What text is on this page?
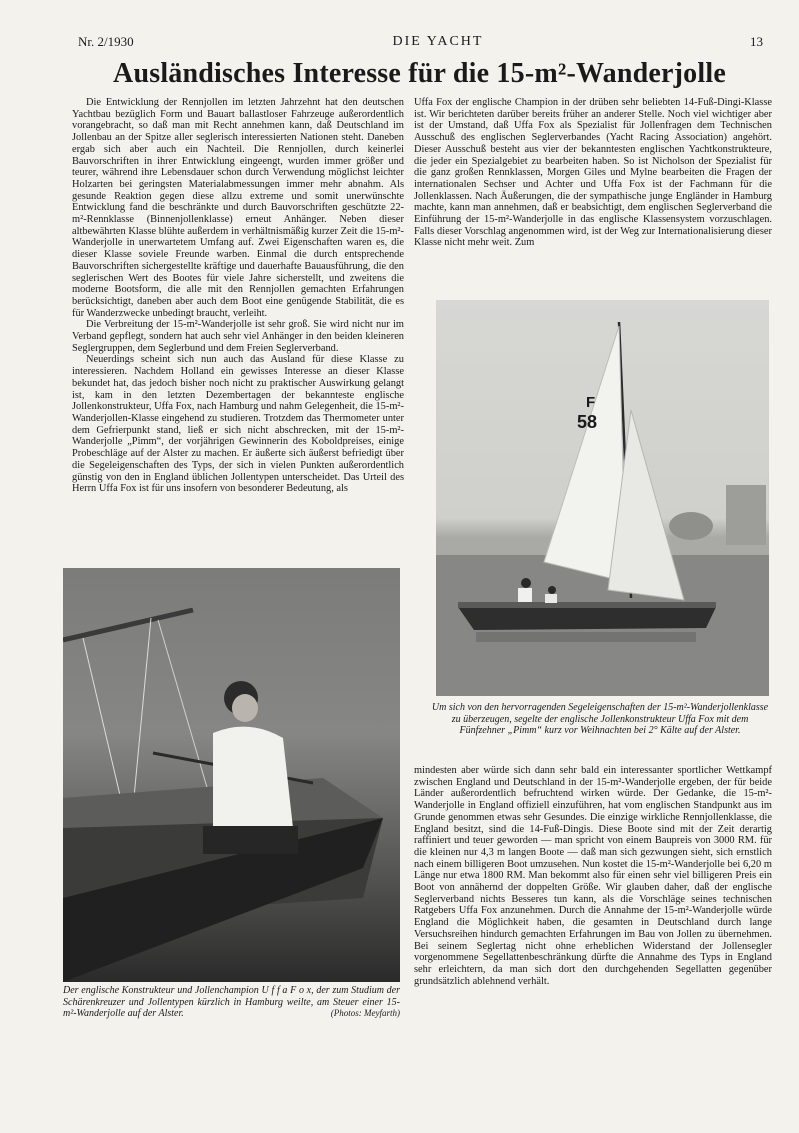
Nr. 2/1930	DIE YACHT	13
Ausländisches Interesse für die 15-m²-Wanderjolle

Die Entwicklung der Rennjollen im letzten Jahrzehnt hat den deutschen Yachtbau bezüglich Form und Bauart ballastloser Fahrzeuge außerordentlich vorangebracht, so daß man mit Recht annehmen kann, daß Deutschland im Jollenbau an der Spitze aller seglerisch interessierten Nationen steht. Daneben ergab sich aber auch ein Nachteil. Die Rennjollen, durch keinerlei Bauvorschriften in ihrer Entwicklung eingeengt, wurden immer größer und teurer, während ihre Lebensdauer schon durch Verwendung möglichst leichter Holzarten bei geringsten Materialabmessungen immer mehr abnahm. Als gesunde Reaktion gegen diese allzu extreme und somit unerwünschte Entwicklung fand die beschränkte und durch Bauvorschriften geschützte 22-m²-Rennklasse (Binnenjollenklasse) erneut Anhänger. Neben dieser altbewährten Klasse blühte außerdem in verhältnismäßig kurzer Zeit die 15-m²-Wanderjolle in unerwartetem Umfang auf. Zwei Eigenschaften waren es, die dieser Klasse soviele Freunde warben. Einmal die durch entsprechende Bauvorschriften sichergestellte kräftige und dauerhafte Bauausführung, die den seglerischen Wert des Bootes für viele Jahre sicherstellt, und zweitens die moderne Bootsform, die alle mit den Rennjollen gemachten Erfahrungen berücksichtigt, daneben aber auch dem Boot eine genügende Stabilität, die es für Wanderzwecke unbedingt braucht, verleiht.

Die Verbreitung der 15-m²-Wanderjolle ist sehr groß. Sie wird nicht nur im Verband gepflegt, sondern hat auch sehr viel Anhänger in den beiden kleineren Seglergruppen, dem Seglerbund und dem Freien Seglerverband.

Neuerdings scheint sich nun auch das Ausland für diese Klasse zu interessieren. Nachdem Holland ein gewisses Interesse an dieser Klasse bekundet hat, das jedoch bisher noch nicht zu praktischer Auswirkung gelangt ist, kam in den letzten Dezembertagen der bekannteste englische Jollenkonstrukteur, Uffa Fox, nach Hamburg und nahm Gelegenheit, die 15-m²-Wanderjollen-Klasse eingehend zu studieren. Trotzdem das Thermometer unter dem Gefrierpunkt stand, ließ er sich nicht abschrecken, mit der 15-m²-Wanderjolle „Pimm“, der vorjährigen Gewinnerin des Koboldpreises, einige Probeschläge auf der Alster zu machen. Er äußerte sich äußerst befriedigt über die Segeleigenschaften des Typs, der sich in vielen Punkten außerordentlich günstig von den in England üblichen Jollentypen unterscheidet. Das Urteil des Herrn Uffa Fox ist für uns insofern von besonderer Bedeutung, als

Uffa Fox der englische Champion in der drüben sehr beliebten 14-Fuß-Dingi-Klasse ist. Wir berichteten darüber bereits früher an anderer Stelle. Noch viel wichtiger aber ist der Umstand, daß Uffa Fox als Spezialist für Jollenfragen dem Technischen Ausschuß des englischen Seglerverbandes (Yacht Racing Association) angehört. Dieser Ausschuß besteht aus vier der bekanntesten englischen Yachtkonstrukteure, die jeder ein Spezialgebiet zu bearbeiten haben. So ist Nicholson der Spezialist für die ganz großen Rennklassen, Morgen Giles und Mylne bearbeiten die Fragen der internationalen Sechser und Achter und Uffa Fox ist der Fachmann für die Jollenklassen. Nach Äußerungen, die der sympathische junge Engländer in Hamburg machte, kann man annehmen, daß er beabsichtigt, dem englischen Seglerverband die Einführung der 15-m²-Wanderjolle in das englische Klassensystem vorzuschlagen. Falls dieser Vorschlag angenommen wird, ist der Weg zur Internationalisierung dieser Klasse nicht mehr weit. Zum

F
58
Um sich von den hervorragenden Segeleigenschaften der 15-m²-Wanderjollenklasse zu überzeugen, segelte der englische Jollenkonstrukteur Uffa Fox mit dem Fünfzehner „Pimm“ kurz vor Weihnachten bei 2° Kälte auf der Alster.

mindesten aber würde sich dann sehr bald ein interessanter sportlicher Wettkampf zwischen England und Deutschland in der 15-m²-Wanderjolle ergeben, der für beide Länder außerordentlich befruchtend wirken würde. Der Gedanke, die 15-m²-Wanderjolle in England offiziell einzuführen, hat vom englischen Standpunkt aus im Grunde genommen etwas sehr Gesundes. Die einzige wirkliche Rennjollenklasse, die England besitzt, sind die 14-Fuß-Dingis. Diese Boote sind mit der Zeit derartig raffiniert und teuer geworden — man spricht von einem Baupreis von 3000 RM. für die kleinen nur 4,3 m langen Boote — daß man sich gezwungen sieht, sich ernstlich nach einem billigeren Boot umzusehen. Nun kostet die 15-m²-Wanderjolle bei 6,20 m Länge nur etwa 1800 RM. Man bekommt also für einen sehr viel billigeren Preis ein Boot von annähernd der doppelten Größe. Wir glauben daher, daß der englische Seglerverband nichts Besseres tun kann, als die Vorschläge seines technischen Ratgebers Uffa Fox anzunehmen. Durch die Annahme der 15-m²-Wanderjolle würde England die Möglichkeit haben, die gesamten in Deutschland durch lange Versuchsreihen hindurch gemachten Erfahrungen im Bau von Jollen zu übernehmen. Bei seinem Seglertag nicht ohne erheblichen Widerstand der Jollensegler vorgenommene Segellattenbeschränkung dürfte die Annahme des Typs in England sehr erleichtern, da man sich dort den durchgehenden Segellatten gegenüber grundsätzlich ablehnend verhält.

Der englische Konstrukteur und Jollenchampion U f f a F o x, der zum Studium der Schärenkreuzer und Jollentypen kürzlich in Hamburg weilte, am Steuer einer 15-m²-Wanderjolle auf der Alster.	(Photos: Meyfarth)
